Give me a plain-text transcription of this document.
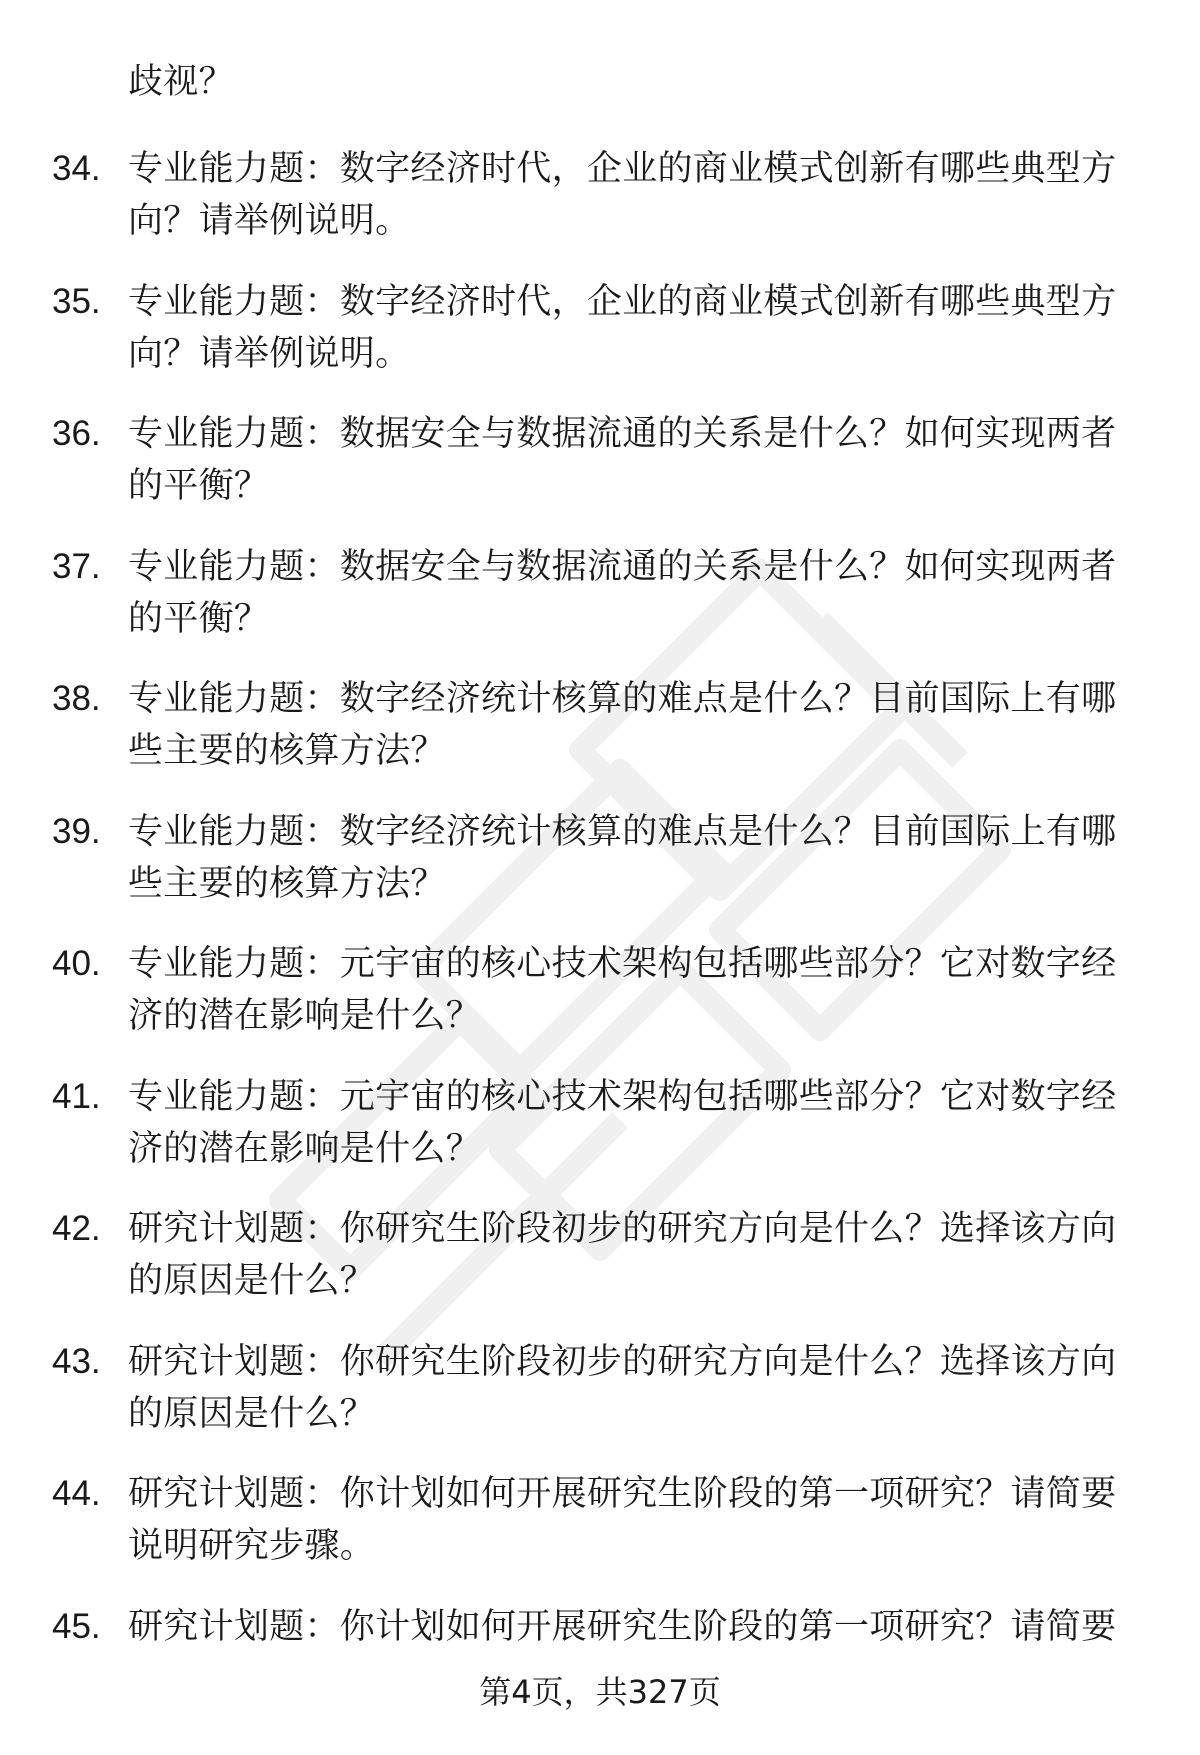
歧视？
34. 专业能力题：数字经济时代，企业的商业模式创新有哪些典型方
向？请举例说明。
35. 专业能力题：数字经济时代，企业的商业模式创新有哪些典型方
向？请举例说明。
36. 专业能力题：数据安全与数据流通的关系是什么？如何实现两者
的平衡？
37. 专业能力题：数据安全与数据流通的关系是什么？如何实现两者
的平衡？
38. 专业能力题：数字经济统计核算的难点是什么？目前国际上有哪
些主要的核算方法？
39. 专业能力题：数字经济统计核算的难点是什么？目前国际上有哪
些主要的核算方法？
40. 专业能力题：元宇宙的核心技术架构包括哪些部分？它对数字经
济的潜在影响是什么？
41. 专业能力题：元宇宙的核心技术架构包括哪些部分？它对数字经
济的潜在影响是什么？
42. 研究计划题：你研究生阶段初步的研究方向是什么？选择该方向
的原因是什么？
43. 研究计划题：你研究生阶段初步的研究方向是什么？选择该方向
的原因是什么？
44. 研究计划题：你计划如何开展研究生阶段的第一项研究？请简要
说明研究步骤。
45. 研究计划题：你计划如何开展研究生阶段的第一项研究？请简要
第4页，共327页
